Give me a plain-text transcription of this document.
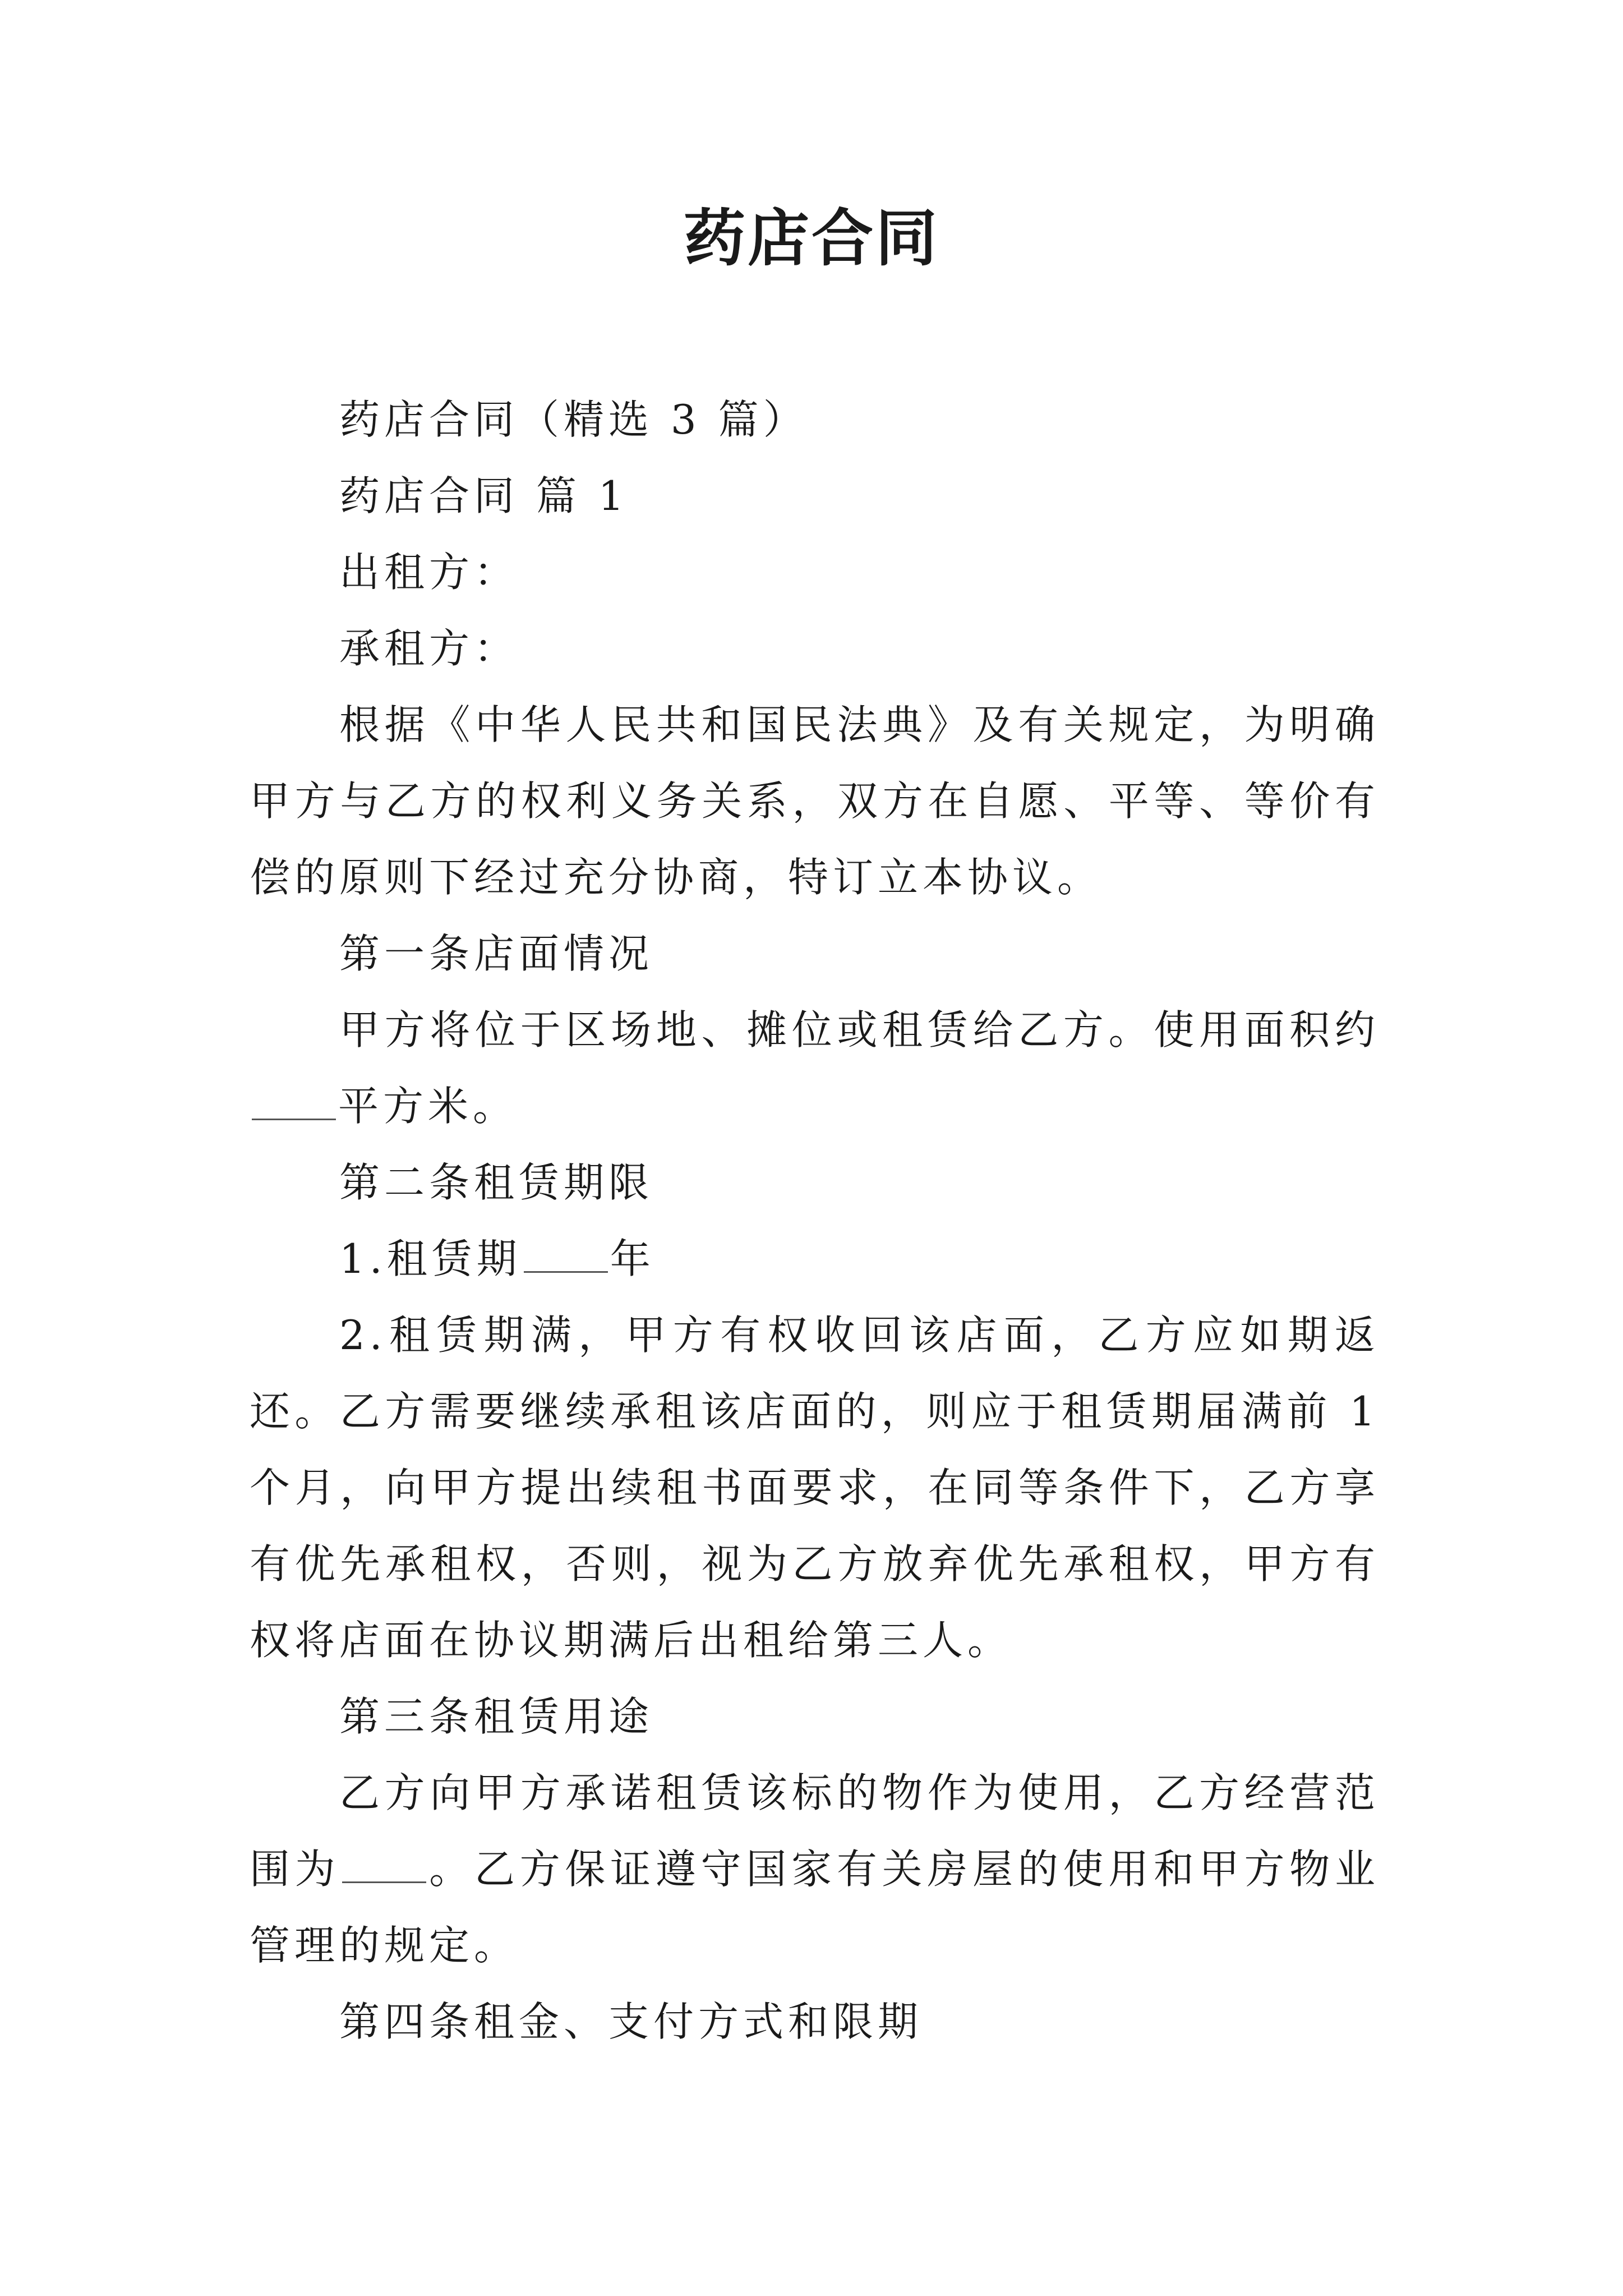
药店合同

药店合同（精选 3 篇）

药店合同 篇 1

出租方：

承租方：

根据《中华人民共和国民法典》及有关规定，为明确甲方与乙方的权利义务关系，双方在自愿、平等、等价有偿的原则下经过充分协商，特订立本协议。

第一条店面情况

甲方将位于区场地、摊位或租赁给乙方。使用面积约平方米。

第二条租赁期限

1.租赁期 年

2.租赁期满，甲方有权收回该店面，乙方应如期返还。乙方需要继续承租该店面的，则应于租赁期届满前 1 个月，向甲方提出续租书面要求，在同等条件下，乙方享有优先承租权，否则，视为乙方放弃优先承租权，甲方有权将店面在协议期满后出租给第三人。

第三条租赁用途

乙方向甲方承诺租赁该标的物作为使用，乙方经营范围为 。乙方保证遵守国家有关房屋的使用和甲方物业管理的规定。

第四条租金、支付方式和限期
